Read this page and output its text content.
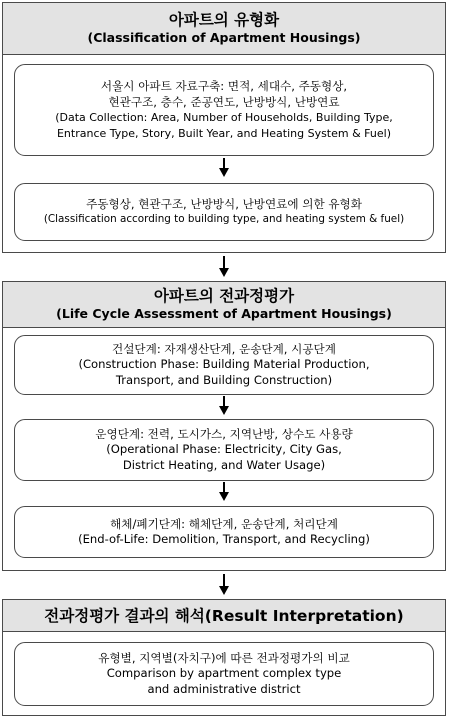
아파트의 유형화
(Classification of Apartment Housings)
서울시 아파트 자료구축: 면적, 세대수, 주동형상,
현관구조, 층수, 준공연도, 난방방식, 난방연료
(Data Collection: Area, Number of Households, Building Type,
Entrance Type, Story, Built Year, and Heating System & Fuel)
주동형상, 현관구조, 난방방식, 난방연료에 의한 유형화
(Classification according to building type, and heating system & fuel)
아파트의 전과정평가
(Life Cycle Assessment of Apartment Housings)
건설단계: 자재생산단계, 운송단계, 시공단계
(Construction Phase: Building Material Production,
Transport, and Building Construction)
운영단계: 전력, 도시가스, 지역난방, 상수도 사용량
(Operational Phase: Electricity, City Gas,
District Heating, and Water Usage)
해체/폐기단계: 해체단계, 운송단계, 처리단계
(End-of-Life: Demolition, Transport, and Recycling)
전과정평가 결과의 해석(Result Interpretation)
유형별, 지역별(자치구)에 따른 전과정평가의 비교
Comparison by apartment complex type
and administrative district
